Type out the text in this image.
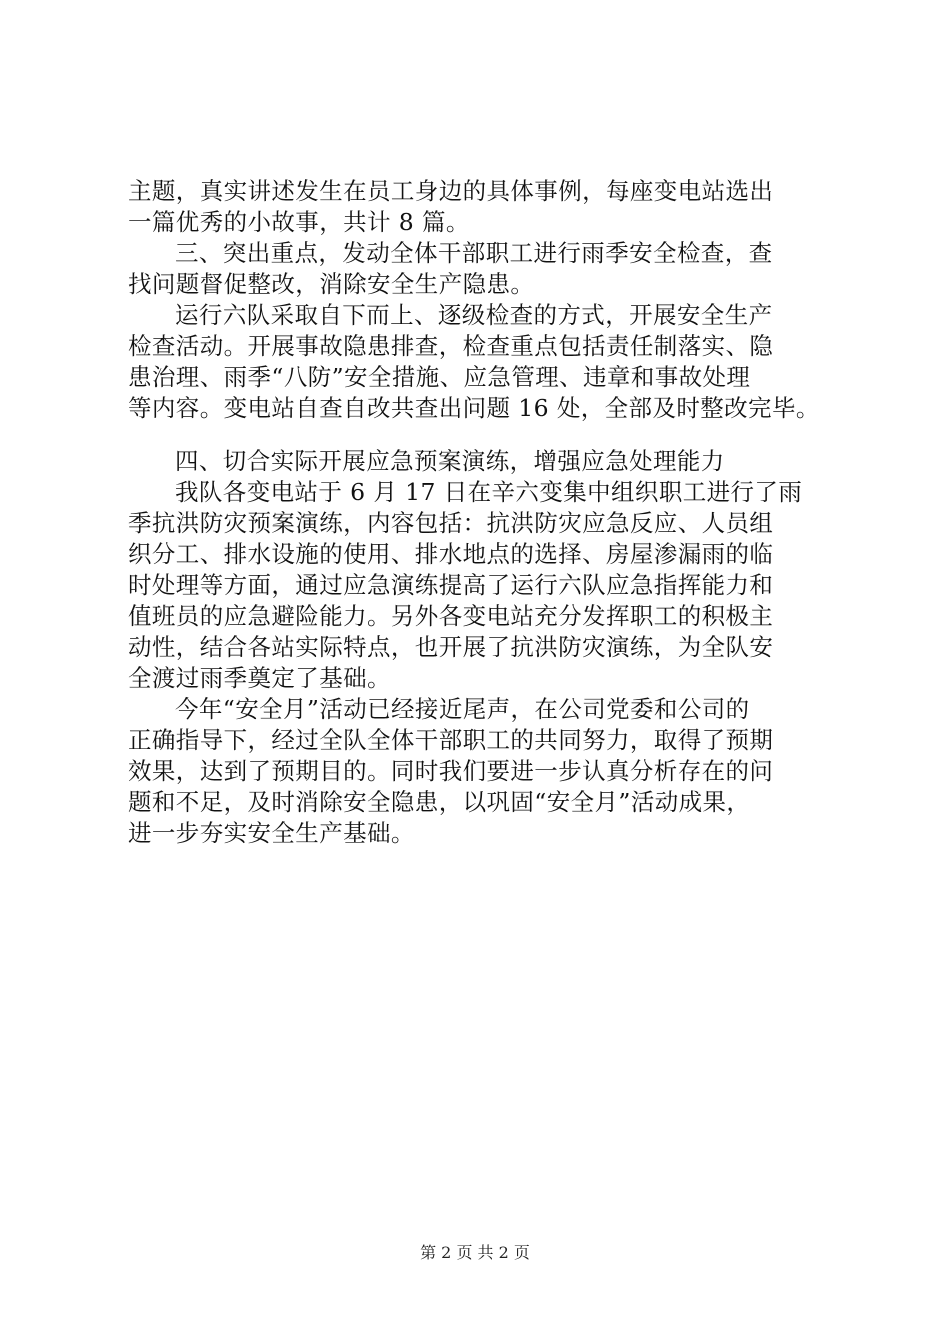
主题，真实讲述发生在员工身边的具体事例，每座变电站选出
一篇优秀的小故事，共计 8 篇。
三、突出重点，发动全体干部职工进行雨季安全检查，查
找问题督促整改，消除安全生产隐患。
运行六队采取自下而上、逐级检查的方式，开展安全生产
检查活动。开展事故隐患排查，检查重点包括责任制落实、隐
患治理、雨季“八防”安全措施、应急管理、违章和事故处理
等内容。变电站自查自改共查出问题 16 处，全部及时整改完毕。
四、切合实际开展应急预案演练，增强应急处理能力
我队各变电站于 6 月 17 日在辛六变集中组织职工进行了雨
季抗洪防灾预案演练，内容包括：抗洪防灾应急反应、人员组
织分工、排水设施的使用、排水地点的选择、房屋渗漏雨的临
时处理等方面，通过应急演练提高了运行六队应急指挥能力和
值班员的应急避险能力。另外各变电站充分发挥职工的积极主
动性，结合各站实际特点，也开展了抗洪防灾演练，为全队安
全渡过雨季奠定了基础。
今年“安全月”活动已经接近尾声，在公司党委和公司的
正确指导下，经过全队全体干部职工的共同努力，取得了预期
效果，达到了预期目的。同时我们要进一步认真分析存在的问
题和不足，及时消除安全隐患，以巩固“安全月”活动成果，
进一步夯实安全生产基础。
第 2 页 共 2 页
